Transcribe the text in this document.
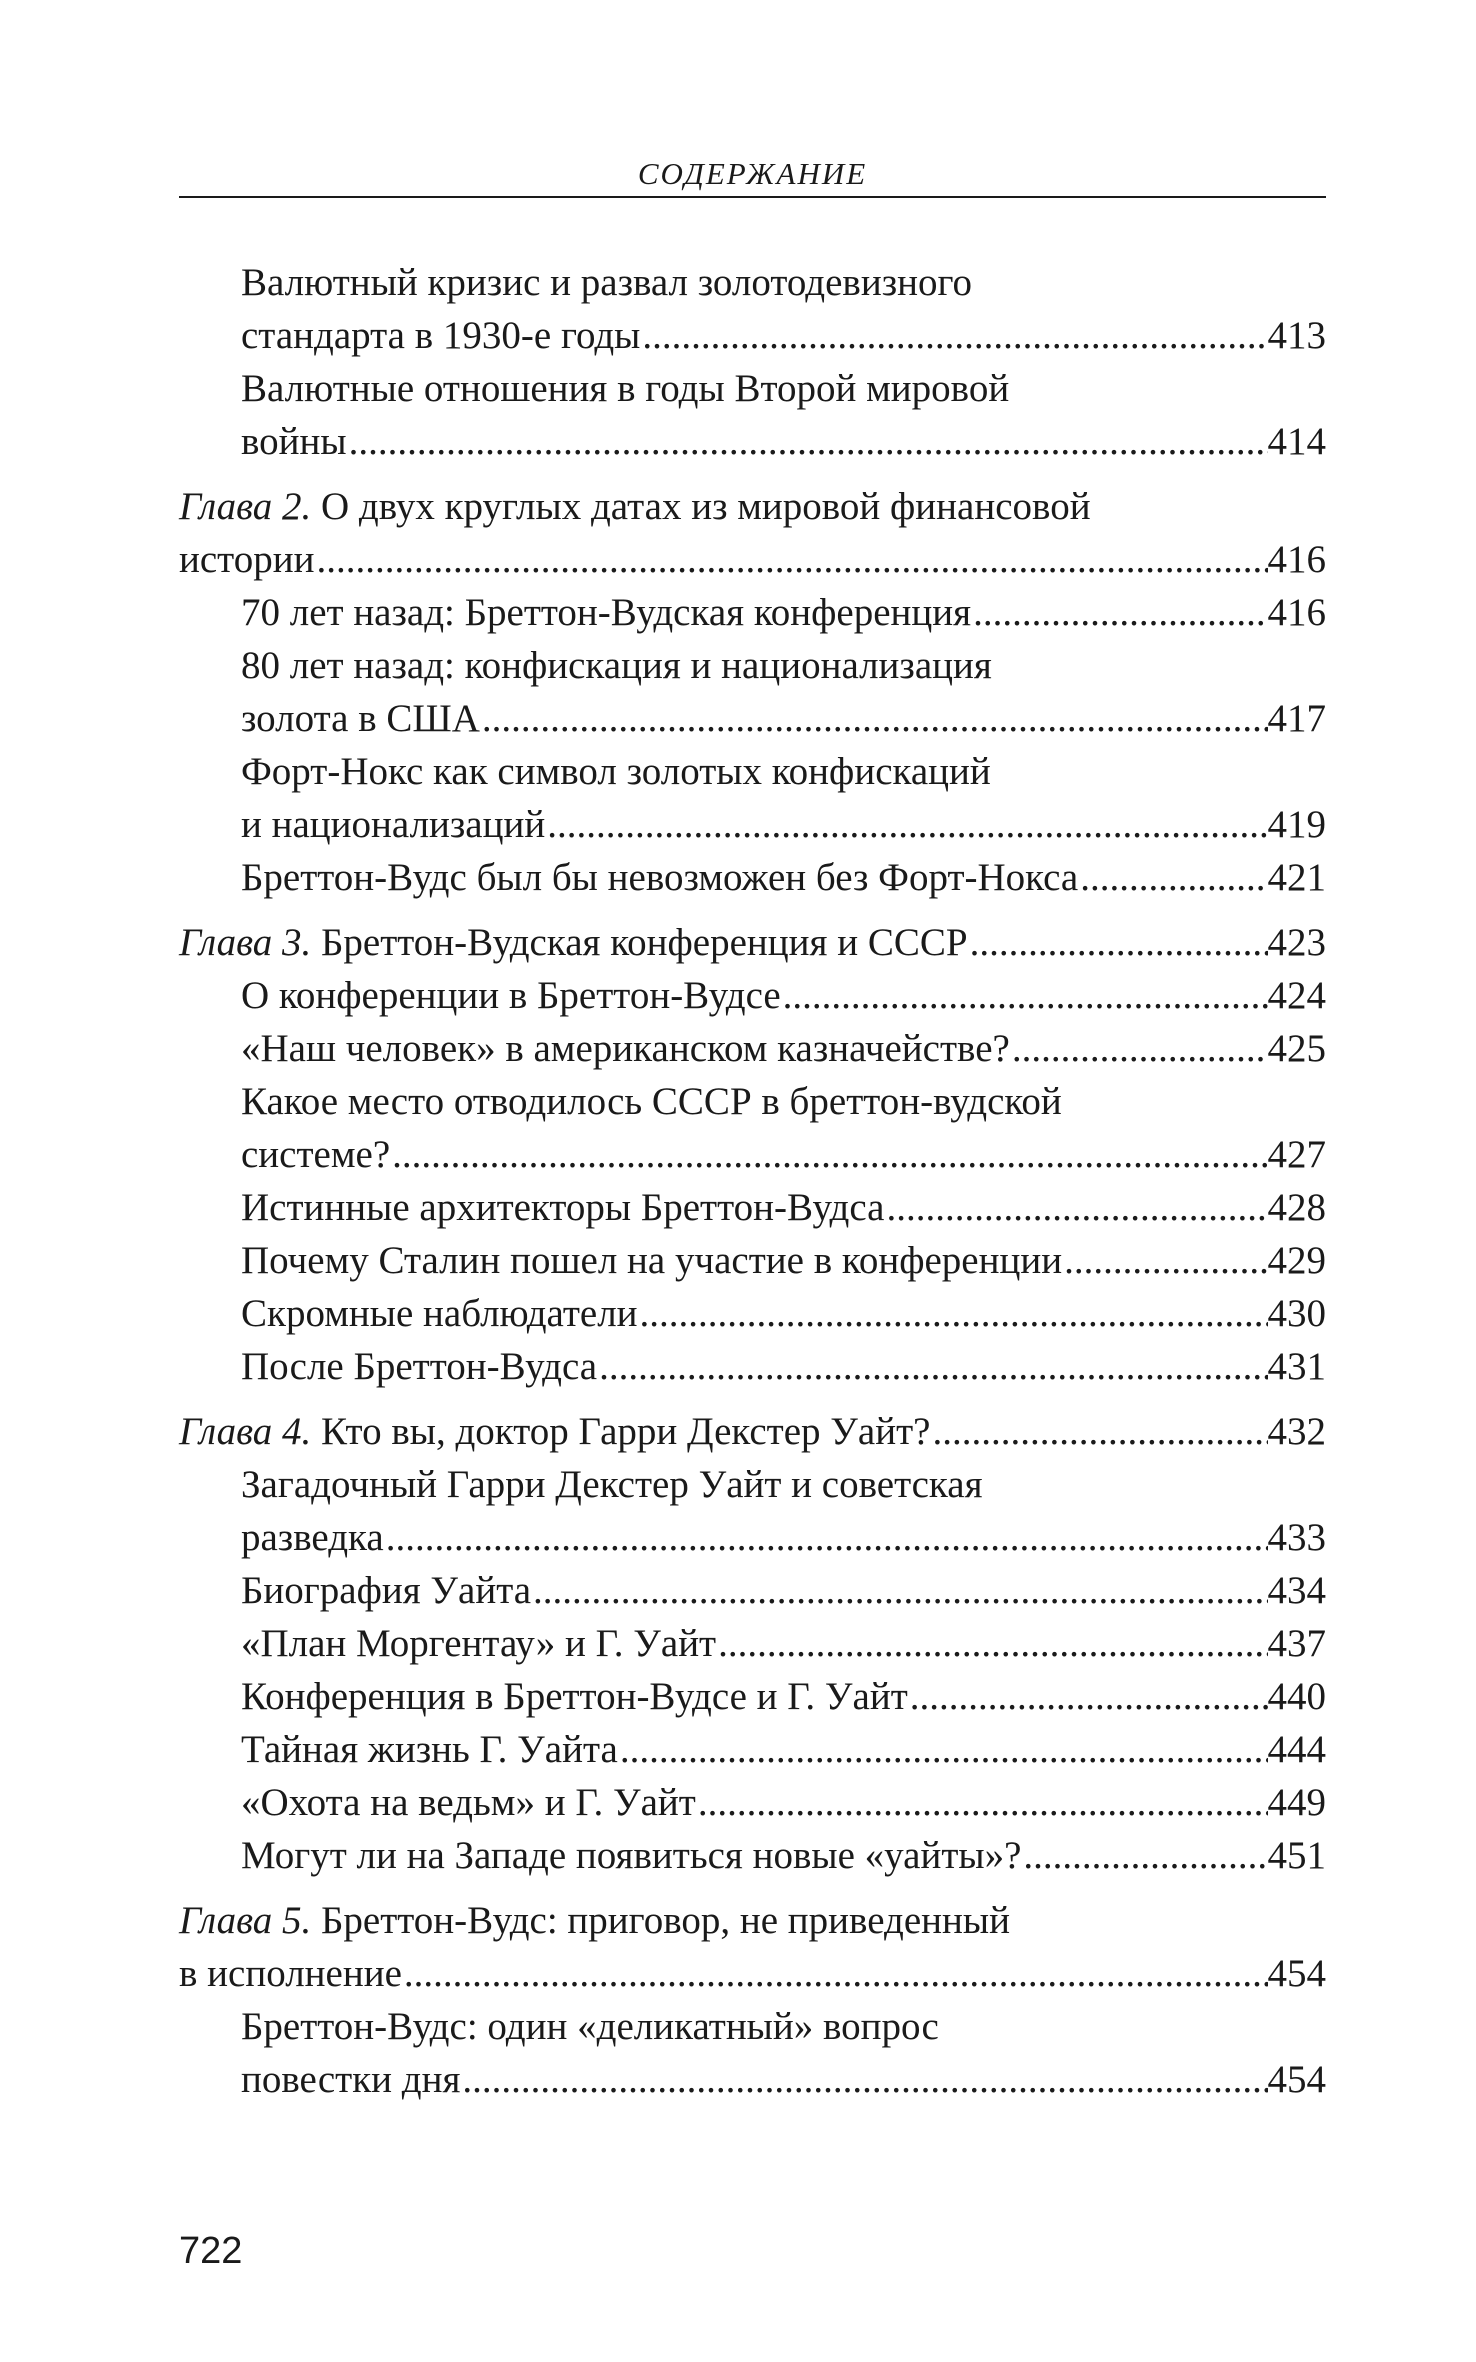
СОДЕРЖАНИЕ
Валютный кризис и развал золотодевизного
стандарта в 1930-е годы .....	413
Валютные отношения в годы Второй мировой
войны .....	414
Глава 2. О двух круглых датах из мировой финансовой
истории .....	416
70 лет назад: Бреттон-Вудская конференция .....	416
80 лет назад: конфискация и национализация
золота в США .....	417
Форт-Нокс как символ золотых конфискаций
и национализаций .....	419
Бреттон-Вудс был бы невозможен без Форт-Нокса .....	421
Глава 3. Бреттон-Вудская конференция и СССР .....	423
О конференции в Бреттон-Вудсе .....	424
«Наш человек» в американском казначействе? .....	425
Какое место отводилось СССР в бреттон-вудской
системе? .....	427
Истинные архитекторы Бреттон-Вудса .....	428
Почему Сталин пошел на участие в конференции .....	429
Скромные наблюдатели .....	430
После Бреттон-Вудса .....	431
Глава 4. Кто вы, доктор Гарри Декстер Уайт? .....	432
Загадочный Гарри Декстер Уайт и советская
разведка .....	433
Биография Уайта .....	434
«План Моргентау» и Г. Уайт .....	437
Конференция в Бреттон-Вудсе и Г. Уайт .....	440
Тайная жизнь Г. Уайта .....	444
«Охота на ведьм» и Г. Уайт .....	449
Могут ли на Западе появиться новые «уайты»? .....	451
Глава 5. Бреттон-Вудс: приговор, не приведенный
в исполнение .....	454
Бреттон-Вудс: один «деликатный» вопрос
повестки дня .....	454
722
